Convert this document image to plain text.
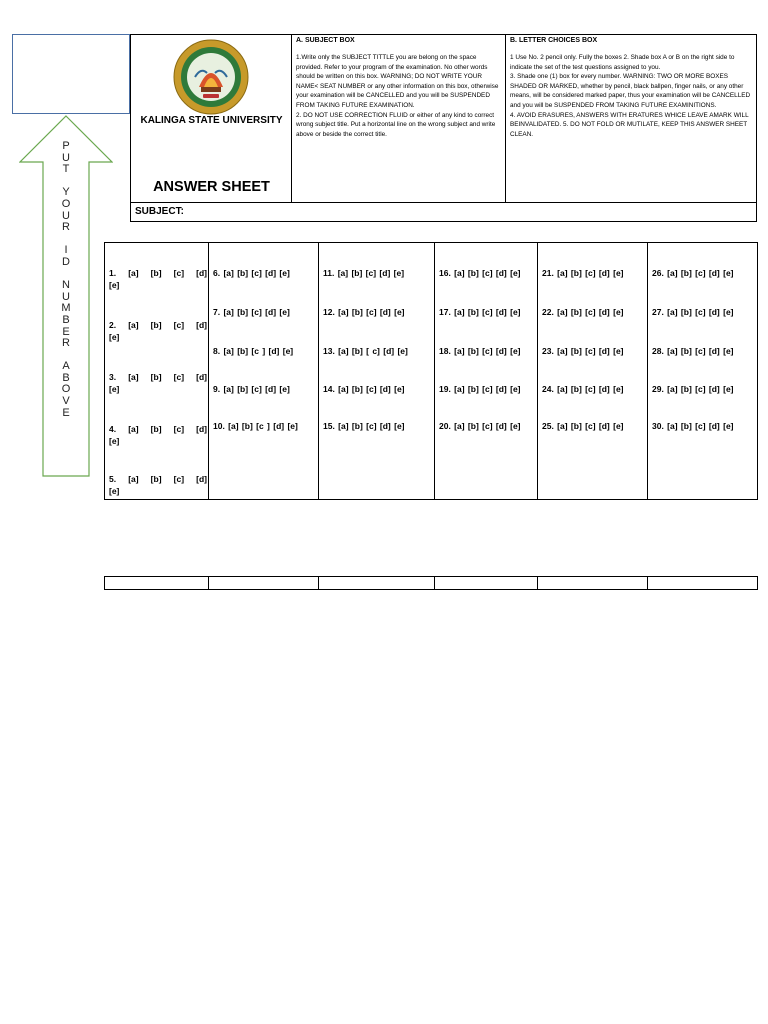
P
U
T

Y
O
U
R

I
D

N
U
M
B
E
R

A
B
O
V
E
KALINGA STATE UNIVERSITY
ANSWER SHEET
A. SUBJECT BOX
1.Write only the SUBJECT TITTLE you are belong on the space provided. Refer to your program of the examination. No other words should be written on this box. WARNING; DO NOT WRITE YOUR NAME< SEAT NUMBER or any other information on this box, otherwise your examination will be CANCELLED and you will be SUSPENDED FROM TAKING FUTURE EXAMINATION.
2. DO NOT USE CORRECTION FLUID or either of any kind to correct wrong subject title. Put a horizontal line on the wrong subject and write above or beside the correct title.
B. LETTER CHOICES BOX
1 Use No. 2 pencil only. Fully the boxes 2. Shade box A or B on the right side to indicate the set of the test questions assigned to you.
3. Shade one (1) box for every number. WARNING: TWO OR MORE BOXES SHADED OR MARKED, whether by pencil, black ballpen, finger nails, or any other means, will be considered marked paper, thus your examination will be CANCELLED and you will be SUSPENDED FROM TAKING FUTURE EXAMINITIONS.
4. AVOID ERASURES, ANSWERS WITH ERATURES WHICE LEAVE AMARK WILL BEINVALIDATED. 5. DO NOT FOLD OR MUTILATE, KEEP THIS ANSWER SHEET CLEAN.
SUBJECT:
1. [a] [b] [c] [d] [e]
2. [a] [b] [c] [d] [e]
3. [a] [b] [c] [d] [e]
4. [a] [b] [c] [d] [e]
5. [a] [b] [c] [d] [e]
6. [a] [b] [c] [d] [e]
7. [a] [b] [c] [d] [e]
8. [a] [b] [c ] [d] [e]
9. [a] [b] [c] [d] [e]
10. [a] [b] [c ] [d] [e]
11. [a] [b] [c] [d] [e]
12. [a] [b] [c] [d] [e]
13. [a] [b] [ c] [d] [e]
14. [a] [b] [c] [d] [e]
15. [a] [b] [c] [d] [e]
16. [a] [b] [c] [d] [e]
17. [a] [b] [c] [d] [e]
18. [a] [b] [c] [d] [e]
19. [a] [b] [c] [d] [e]
20. [a] [b] [c] [d] [e]
21. [a] [b] [c] [d] [e]
22. [a] [b] [c] [d] [e]
23. [a] [b] [c] [d] [e]
24. [a] [b] [c] [d] [e]
25. [a] [b] [c] [d] [e]
26. [a] [b] [c] [d] [e]
27. [a] [b] [c] [d] [e]
28. [a] [b] [c] [d] [e]
29. [a] [b] [c] [d] [e]
30. [a] [b] [c] [d] [e]
